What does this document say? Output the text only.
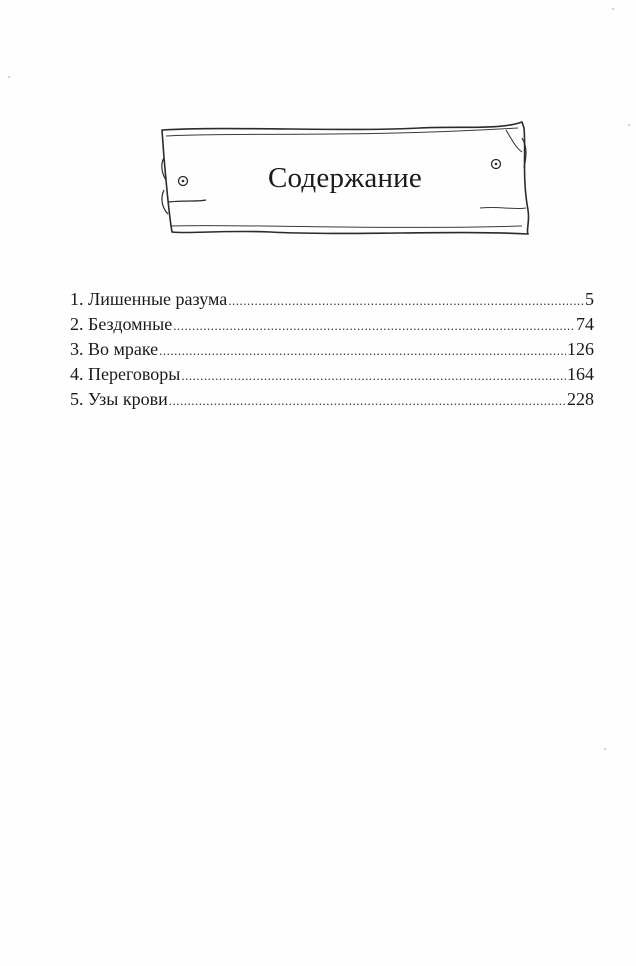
Содержание
1. Лишенные разума .....	5
2. Бездомные .....	74
3. Во мраке .....	126
4. Переговоры .....	164
5. Узы крови .....	228
